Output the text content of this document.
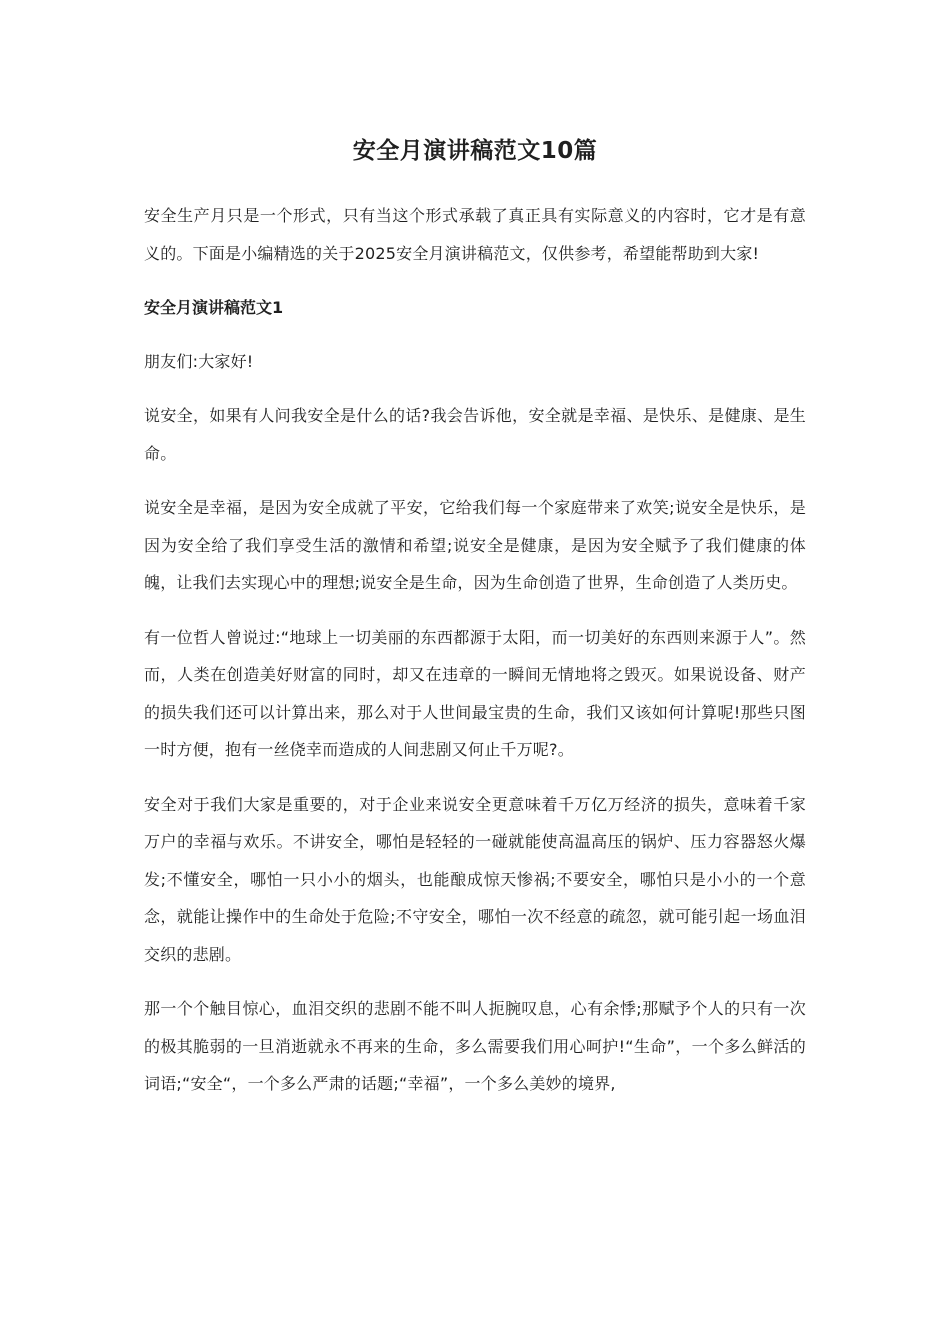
安全月演讲稿范文10篇

安全生产月只是一个形式，只有当这个形式承载了真正具有实际意义的内容时，它才是有意义的。下面是小编精选的关于2025安全月演讲稿范文，仅供参考，希望能帮助到大家!

安全月演讲稿范文1

朋友们:大家好!

说安全，如果有人问我安全是什么的话?我会告诉他，安全就是幸福、是快乐、是健康、是生命。

说安全是幸福，是因为安全成就了平安，它给我们每一个家庭带来了欢笑;说安全是快乐，是因为安全给了我们享受生活的激情和希望;说安全是健康，是因为安全赋予了我们健康的体魄，让我们去实现心中的理想;说安全是生命，因为生命创造了世界，生命创造了人类历史。

有一位哲人曾说过:“地球上一切美丽的东西都源于太阳，而一切美好的东西则来源于人”。然而，人类在创造美好财富的同时，却又在违章的一瞬间无情地将之毁灭。如果说设备、财产的损失我们还可以计算出来，那么对于人世间最宝贵的生命，我们又该如何计算呢!那些只图一时方便，抱有一丝侥幸而造成的人间悲剧又何止千万呢?。

安全对于我们大家是重要的，对于企业来说安全更意味着千万亿万经济的损失，意味着千家万户的幸福与欢乐。不讲安全，哪怕是轻轻的一碰就能使高温高压的锅炉、压力容器怒火爆发;不懂安全，哪怕一只小小的烟头，也能酿成惊天惨祸;不要安全，哪怕只是小小的一个意念，就能让操作中的生命处于危险;不守安全，哪怕一次不经意的疏忽，就可能引起一场血泪交织的悲剧。

那一个个触目惊心，血泪交织的悲剧不能不叫人扼腕叹息，心有余悸;那赋予个人的只有一次的极其脆弱的一旦消逝就永不再来的生命，多么需要我们用心呵护!“生命”，一个多么鲜活的词语;“安全“，一个多么严肃的话题;“幸福”，一个多么美妙的境界,
